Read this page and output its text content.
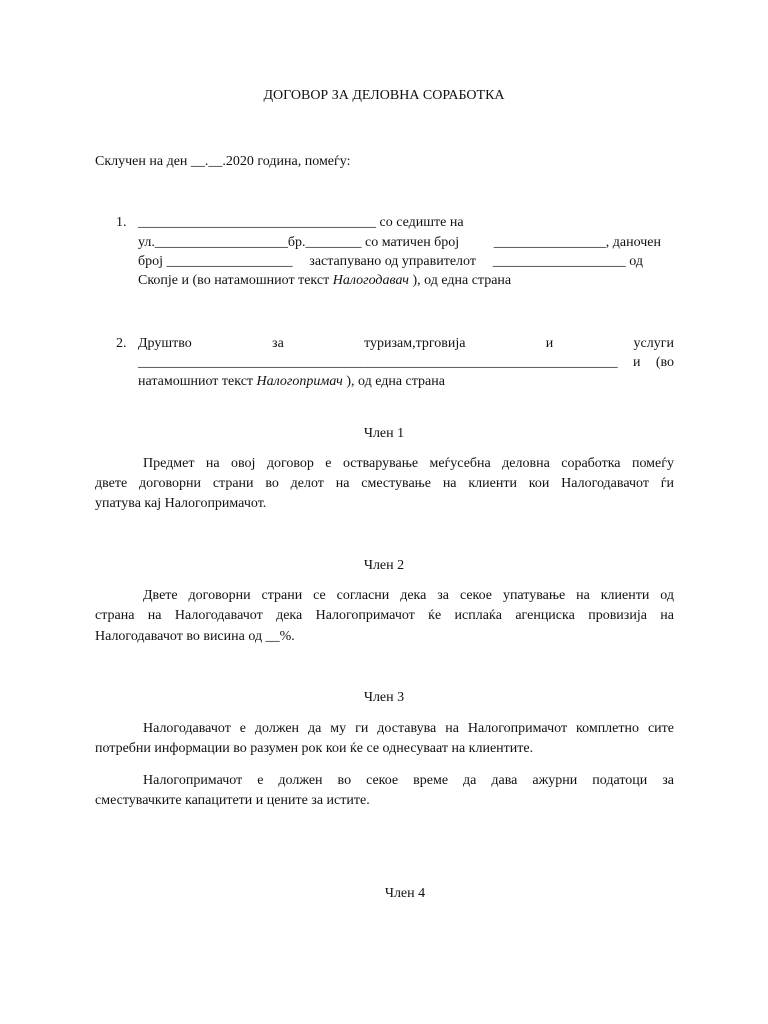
ДОГОВОР ЗА ДЕЛОВНА СОРАБОТКА
Склучен на ден __.__.2020 година, помеѓу:
1. __________________________________ со седиште на
ул.___________________бр.________ со матичен број ________________, даночен
број __________________ застапувано од управителот ___________________ од
Скопје и (во натамошниот текст Налогодавач ), од една страна
2. Друштво	за	туризам,трговија	и	услуги
_____________________________________________________________________ и (во
натамошниот текст Налогопримач ), од една страна
Член 1
Предмет на овој договор е остварување меѓусебна деловна соработка помеѓу
двете договорни страни во делот на сместување на клиенти кои Налогодавачот ѓи
упатува кај Налогопримачот.
Член 2
Двете договорни страни се согласни дека за секое упатување на клиенти од
страна на Налогодавачот дека Налогопримачот ќе исплаќа агенциска провизија на
Налогодавачот во висина од __%.
Член 3
Налогодавачот е должен да му ги доставува на Налогопримачот комплетно сите
потребни информации во разумен рок кои ќе се однесуваат на клиентите.
Налогопримачот е должен во секое време да дава ажурни податоци за
сместувачките капацитети и цените за истите.
Член 4
